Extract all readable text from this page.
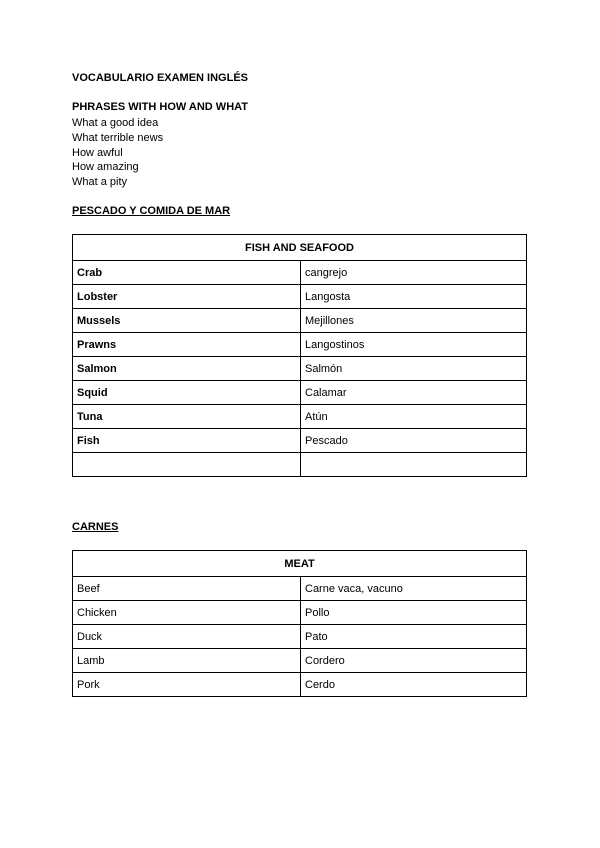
VOCABULARIO EXAMEN INGLÉS
PHRASES WITH HOW AND WHAT
What a good idea
What terrible news
How awful
How amazing
What a pity
PESCADO Y COMIDA DE MAR
FISH AND SEAFOOD	
Crab	cangrejo
Lobster	Langosta
Mussels	Mejillones
Prawns	Langostinos
Salmon	Salmón
Squid	Calamar
Tuna	Atún
Fish	Pescado

CARNES
MEAT	
Beef	Carne vaca, vacuno
Chicken	Pollo
Duck	Pato
Lamb	Cordero
Pork	Cerdo
